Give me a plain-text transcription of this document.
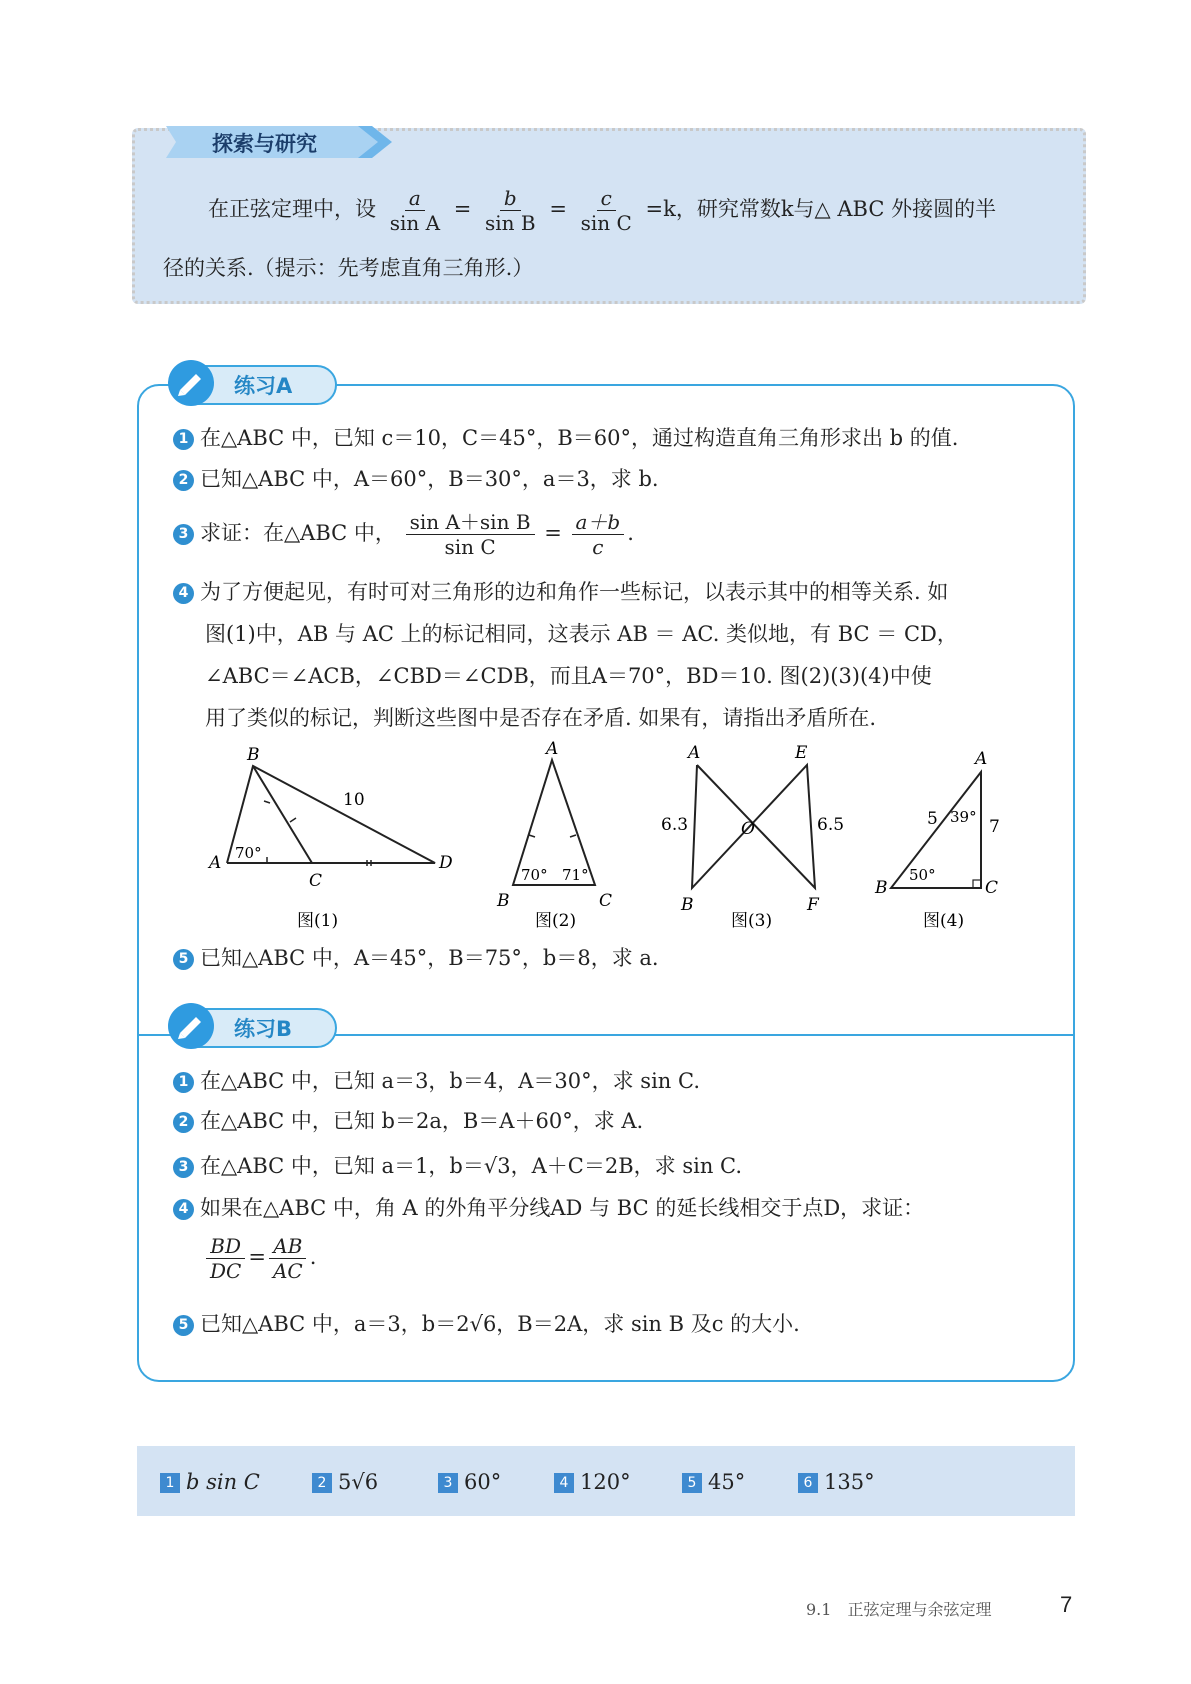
探索与研究
在正弦定理中，设 $\frac{a}{\text{sin A}} = \frac{b}{\text{sin B}} = \frac{c}{\text{sin C}} =k$，研究常数k与△ ABC 外接圆的半
径的关系.（提示：先考虑直角三角形.）
练习A
1 在△ABC 中，已知 c＝10，C＝45°，B＝60°，通过构造直角三角形求出 b 的值.
2 已知△ABC 中，A＝60°，B＝30°，a＝3，求 b.
3 求证：在△ABC 中， $\frac{\text{sin A＋sin B}}{\text{sin C}} = \frac{a+b}{c}$ .
4 为了方便起见，有时可对三角形的边和角作一些标记，以表示其中的相等关系. 如
图(1)中，AB 与 AC 上的标记相同，这表示 AB ＝ AC. 类似地，有 BC ＝ CD，
∠ABC＝∠ACB，∠CBD＝∠CDB，而且A＝70°，BD＝10. 图(2)(3)(4)中使
用了类似的标记，判断这些图中是否存在矛盾. 如果有，请指出矛盾所在.
B
A
C
D
10
70°
图(1)
A
B	C
70° 71°
图(2)
A	E
O
B	F
6.3	6.5
图(3)
A
B	C
5	7
39°
50°
图(4)
5 已知△ABC 中，A＝45°，B＝75°，b＝8，求 a.
练习B
1 在△ABC 中，已知 a＝3，b＝4，A＝30°，求 sin C.
2 在△ABC 中，已知 b＝2a，B＝A＋60°，求 A.
3 在△ABC 中，已知 a＝1，b＝√3，A＋C＝2B，求 sin C.
4 如果在△ABC 中，角 A 的外角平分线AD 与 BC 的延长线相交于点D，求证：
$\frac{BD}{DC} = \frac{AB}{AC}$ .
5 已知△ABC 中，a＝3，b＝2√6，B＝2A，求 sin B 及c 的大小.
1 b sin C	2 5√6	3 60°	4 120°	5 45°	6 135°
9.1　正弦定理与余弦定理	7
